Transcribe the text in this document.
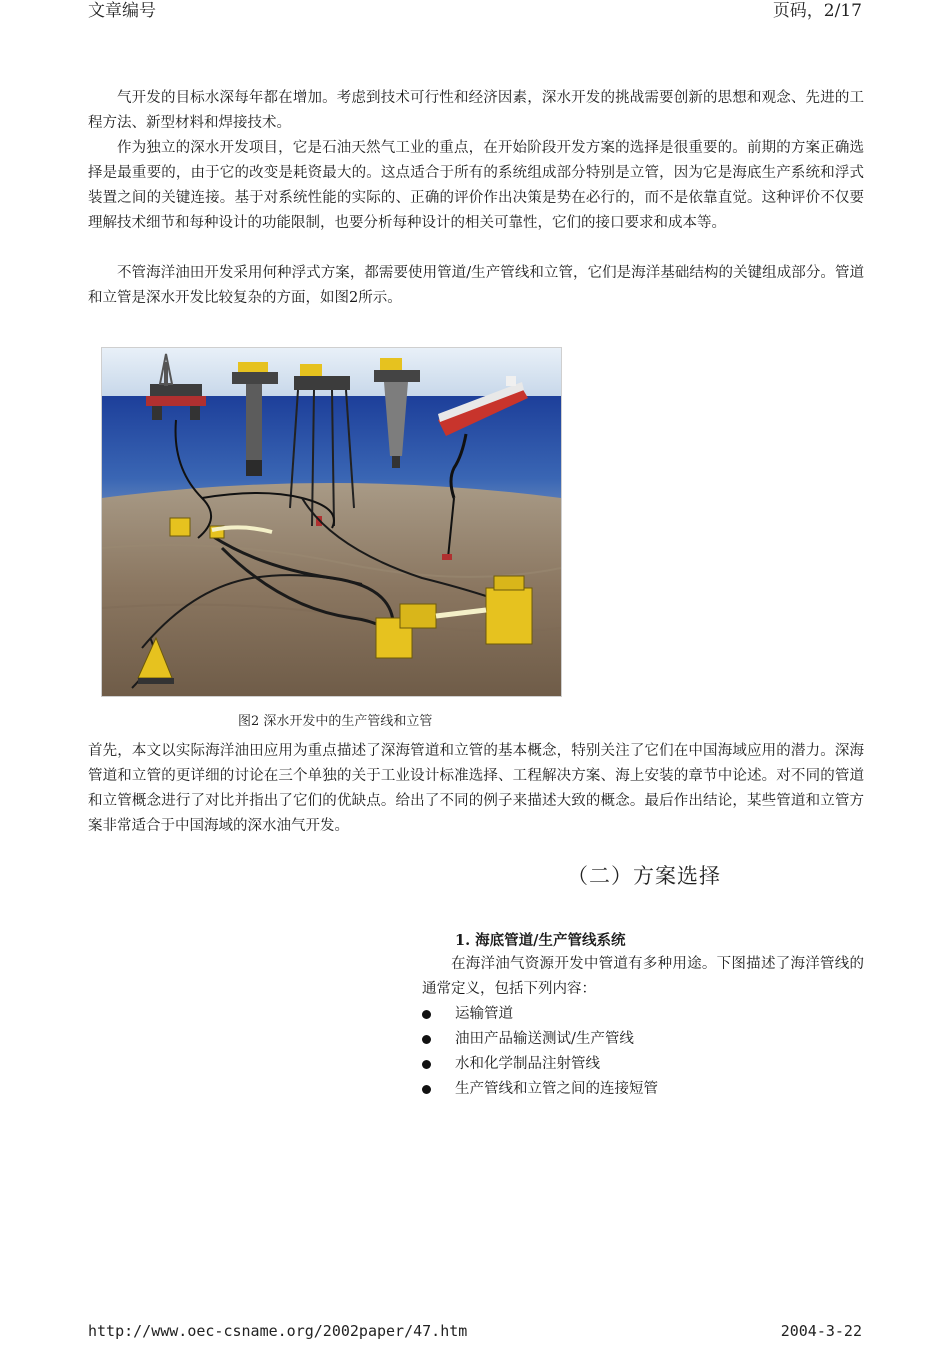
文章编号	页码，2/17

气开发的目标水深每年都在增加。考虑到技术可行性和经济因素，深水开发的挑战需要创新的思想和观念、先进的工程方法、新型材料和焊接技术。

作为独立的深水开发项目，它是石油天然气工业的重点，在开始阶段开发方案的选择是很重要的。前期的方案正确选择是最重要的，由于它的改变是耗资最大的。这点适合于所有的系统组成部分特别是立管，因为它是海底生产系统和浮式装置之间的关键连接。基于对系统性能的实际的、正确的评价作出决策是势在必行的，而不是依靠直觉。这种评价不仅要理解技术细节和每种设计的功能限制，也要分析每种设计的相关可靠性，它们的接口要求和成本等。

不管海洋油田开发采用何种浮式方案，都需要使用管道/生产管线和立管，它们是海洋基础结构的关键组成部分。管道和立管是深水开发比较复杂的方面，如图2所示。

图2 深水开发中的生产管线和立管

首先，本文以实际海洋油田应用为重点描述了深海管道和立管的基本概念，特别关注了它们在中国海域应用的潜力。深海管道和立管的更详细的讨论在三个单独的关于工业设计标准选择、工程解决方案、海上安装的章节中论述。对不同的管道和立管概念进行了对比并指出了它们的优缺点。给出了不同的例子来描述大致的概念。最后作出结论，某些管道和立管方案非常适合于中国海域的深水油气开发。

（二）方案选择
1. 海底管道/生产管线系统

在海洋油气资源开发中管道有多种用途。下图描述了海洋管线的通常定义，包括下列内容：

运输管道
油田产品输送测试/生产管线
水和化学制品注射管线
生产管线和立管之间的连接短管
http://www.oec-csname.org/2002paper/47.htm	2004-3-22
